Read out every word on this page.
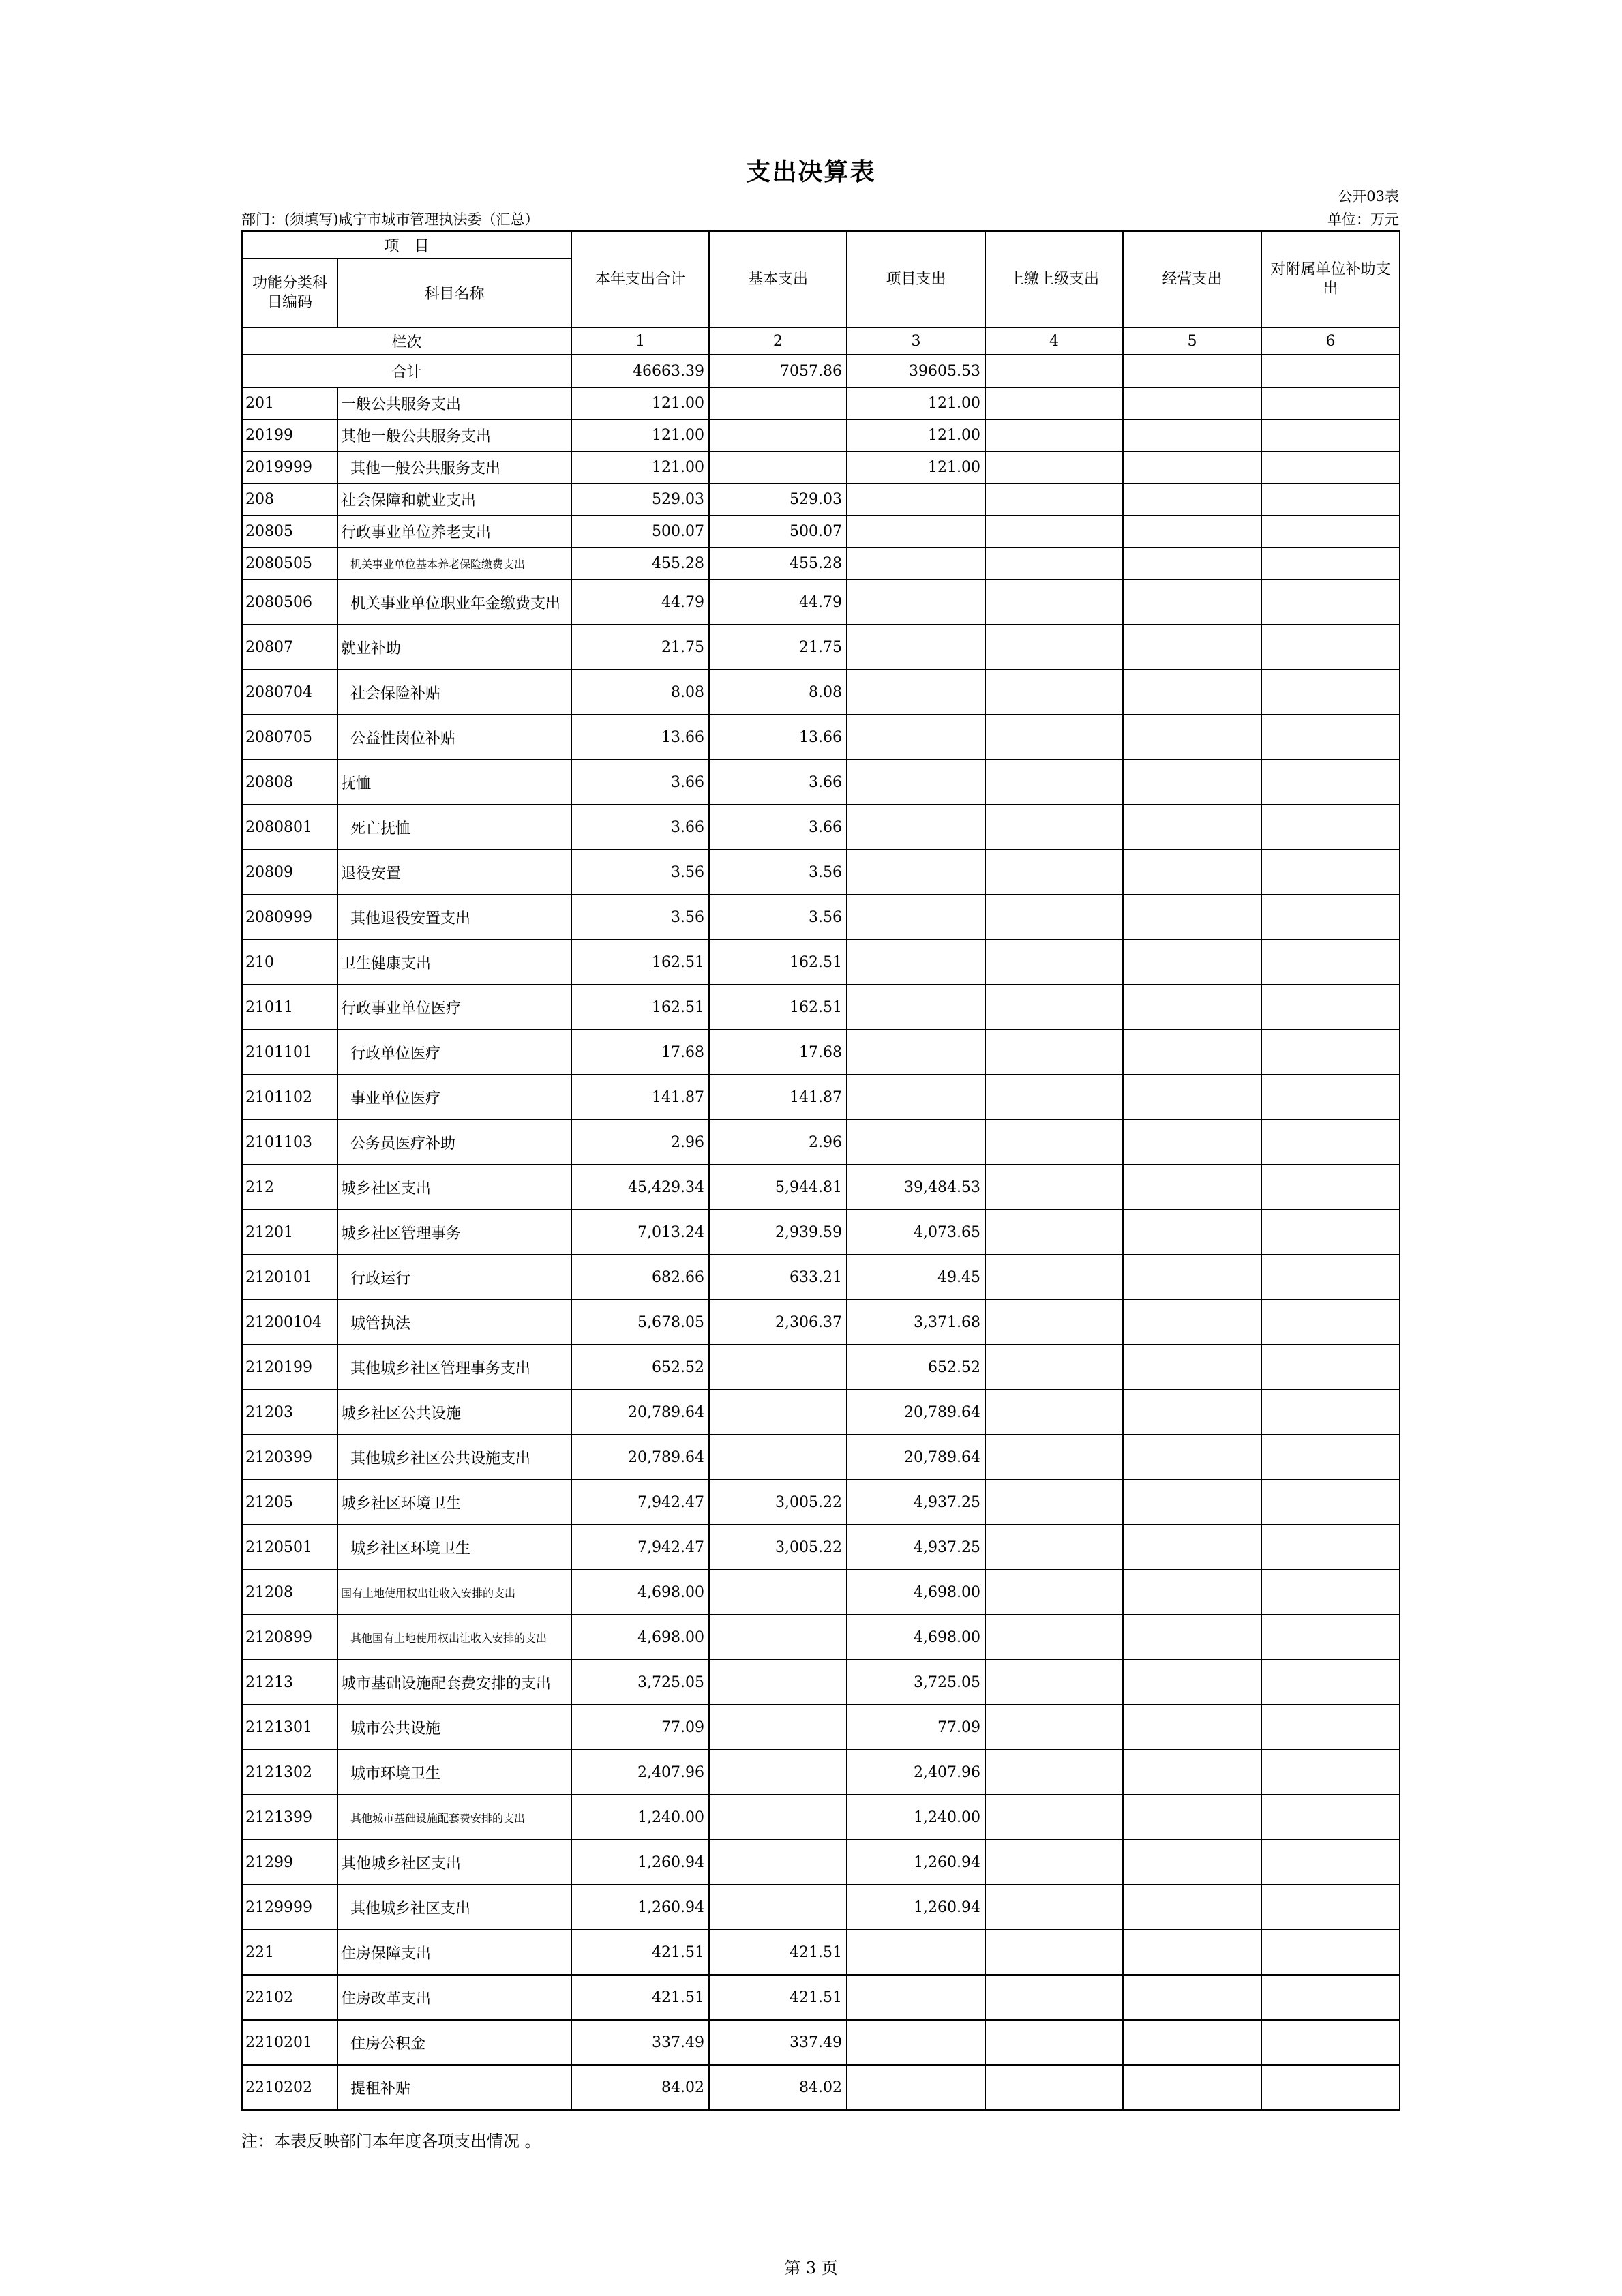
支出决算表
公开03表
部门：(须填写)咸宁市城市管理执法委（汇总）	单位：万元
项　目		本年支出合计	基本支出	项目支出	上缴上级支出	经营支出	对附属单位补助支出
功能分类科目编码	科目名称						
栏次		1	2	3	4	5	6
合计		46663.39	7057.86	39605.53			
201	一般公共服务支出	121.00		121.00			
20199	其他一般公共服务支出	121.00		121.00			
2019999	其他一般公共服务支出	121.00		121.00			
208	社会保障和就业支出	529.03	529.03				
20805	行政事业单位养老支出	500.07	500.07				
2080505	机关事业单位基本养老保险缴费支出	455.28	455.28				
2080506	机关事业单位职业年金缴费支出	44.79	44.79				
20807	就业补助	21.75	21.75				
2080704	社会保险补贴	8.08	8.08				
2080705	公益性岗位补贴	13.66	13.66				
20808	抚恤	3.66	3.66				
2080801	死亡抚恤	3.66	3.66				
20809	退役安置	3.56	3.56				
2080999	其他退役安置支出	3.56	3.56				
210	卫生健康支出	162.51	162.51				
21011	行政事业单位医疗	162.51	162.51				
2101101	行政单位医疗	17.68	17.68				
2101102	事业单位医疗	141.87	141.87				
2101103	公务员医疗补助	2.96	2.96				
212	城乡社区支出	45,429.34	5,944.81	39,484.53			
21201	城乡社区管理事务	7,013.24	2,939.59	4,073.65			
2120101	行政运行	682.66	633.21	49.45			
21200104	城管执法	5,678.05	2,306.37	3,371.68			
2120199	其他城乡社区管理事务支出	652.52		652.52			
21203	城乡社区公共设施	20,789.64		20,789.64			
2120399	其他城乡社区公共设施支出	20,789.64		20,789.64			
21205	城乡社区环境卫生	7,942.47	3,005.22	4,937.25			
2120501	城乡社区环境卫生	7,942.47	3,005.22	4,937.25			
21208	国有土地使用权出让收入安排的支出	4,698.00		4,698.00			
2120899	其他国有土地使用权出让收入安排的支出	4,698.00		4,698.00			
21213	城市基础设施配套费安排的支出	3,725.05		3,725.05			
2121301	城市公共设施	77.09		77.09			
2121302	城市环境卫生	2,407.96		2,407.96			
2121399	其他城市基础设施配套费安排的支出	1,240.00		1,240.00			
21299	其他城乡社区支出	1,260.94		1,260.94			
2129999	其他城乡社区支出	1,260.94		1,260.94			
221	住房保障支出	421.51	421.51				
22102	住房改革支出	421.51	421.51				
2210201	住房公积金	337.49	337.49				
2210202	提租补贴	84.02	84.02				
注：本表反映部门本年度各项支出情况 。
第 3 页
